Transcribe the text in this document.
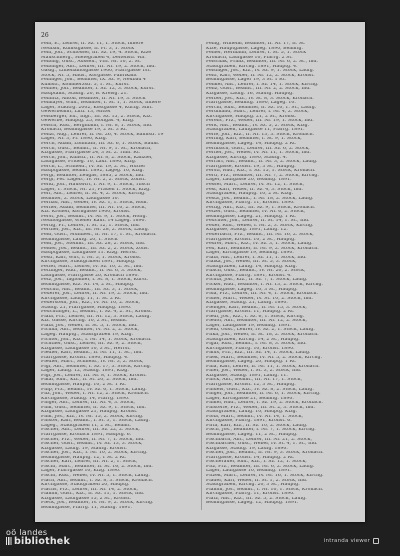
26
Fehl, E., Lehrer, II. Sz. 11, 1. Stock, Innere
Neubau, Kumstgasse, II. Pr. 3, 1. Stock
Fehl, Joh., Schlosser, III. Sz. 19, 4. Stock, Kfze
Mauschnerg., Hiefegraben 4, Deitenstr. Wa.
Felbing, Gust., Ausseh., VIII. Nr. 10, 2. St.
Felbinger, Ant., Lehrer, III. Nr. 19, 2. Stock, Ind.
Gaslg., Linienamtsgasse 1900, Pfarrgasse 1st.
Stock, Nr. 5, Haus., Korgasse. Fabrikant
Fellinger, Joh., Beamter, IX. Sz. 9, Neubau 4
Kumstl., Kommerzstr. 5, 1. St., Kurst.
Fellner, Joh., Beamter, I. Sz. 12, 3. Stock, Kurst.
Hauptamt, Stadtg. 20, B. Kreisg. 21.
Fellnitz, Anton, Beamter, II. Nr. 19, 3. Stock
Felmayer, Wilh., Beamter, I. St. 1, 1. Stock, Innere
Lager, Stadtrg. 2002, Kostgasse 4, Kurzg. Sint.
Gewerbeamt, Liftl. 13, Mittel
Felsberger, Ed., Ingr., III. Sz. 15, 2. Stock, Kfz.
Gewerbe, Hauptg. 25, Hoflgas. 4, Kfzg.
Felsch, Rud., Bergmann, I. Nr. 8, 1. Stock, Ind.
Kronach, Beamtgasse 19, 2 St. 3 Rt.
Fenzl, Aug., Lehrer, II. Nr. 26, 4. Stock, Bahnstr. 19
Lager, Nr. 3, Pr. 1890, Kfzg.
Ferch, Adam, Lohnfahr, III. Sz. 6, 1. Stock, Baum.
Ferch, Gust., Beamt., II. Nr. 9, 1. St., Kronach,
Kfzgasse, Pfarrgasse 24, 3 St. 2. Thm. Rt.
Ferch, Joh., Kunstl., II. Nr. 8, 2. Stock, Kanzlei,
Laufgasse, Frideg. 10, Lauf. 1890, Kfzg.
Ferch, L., Schneid., IV. Sz. 19, 2. St., Hutter
Hauptgasse, Beamt. 1892, Lageg. 10, Kfzg.
Fergl, Beamter, Zeugas, 1885, 2 Stock, Ind.
Fergl, Pet. Lageb., IV. Nr. 2, 2. Stock, Zollst.
Ferkl, Joh., Hauswirt, I. Nr. 9, 1. Stock, Tilsch
Lager, 1. Stock, Nr. 21, Frauen 1. Stock, Kfzg.
Ferl, Ant., Lehrer, II. St. 4, 2. Stock, Kirchg.
Beamter, 2. Stock, Laufgasse 10.
Fernau, Ant., Weber, IV. Sz. 1, 1. Stock, Rom.
Ferner, Adam, Beamter, III. Nr. 10, 2. Stock,
Kfz. Kronen, Korngasse 1900, Kronst.
Ferst, Jos., Beamt., IV. Nr. 9, 1. Stock, Hoflg.
Neuhofgasse, Wiener Kaut. 14 Lageg. 1890.
Fertig, Fr., Lehrer, I. St. 12, 1. Stock, Ind.
Fertner, Jos., Kfz., III. Nr. 28, 2. Stock, Laufg.
Feßl, Gust., Mühlbes., II. Nr. 17, 1. St., Kronach.
Beamtgasse, Laufg. 20, 1. Stock
Feßl, Jos., Steinm., III. Sz. 28, 2. Stock, Ind.
Feßler, Jos., Beamt., III. Sz. 2, 2. Stock, Zolls.
Hauptgasse, Laufgasse 11. Kfzg. Herrst.
Festl, Karl, Wirt, I. Nr. 5, 1. Stock, Kronst.
Kirchgasse, Stadtgraben 1891, Hauptg.
Fetter, Mart., Lehrer, IV. Sz. 10, 2. St., Ind.
Fettinger, Rud., Beamt., II. Nr. 6, 3. Stock,
Laufgasse, Pfarrgasse 20, Kronach 1890.
Fetz, Jos., Taglöhner, I. St. 8, 1. Stock, Kurst.
Beamtgasse, Kfz. Nr. 14, 2 St., Hauptg.
Feuchtl, Ant., Beamt., III. Sz. 3, 1. Stock,
Feuerer, Jos., Lehrer, II. Nr. 19, 2. Stock, Ind.
Kirchgasse, Laufg. 11, 1. St. 2 Rt.
Feuerstein, Joh., Kfz., IV. Nr. 10, 2. Stock,
Stadtg. 21, Pfarrgasse, Hauptg. 1890.
Feuchtinger, L., Beamt., I. Sz. 4, 2. St., Kronst.
Fiala, Frz., Lehrer, III. Nr. 12, 3. Stock, Laufg.
Kfz. Gasse, Kirchg. 10, 2 St., Beamt.
Fiala, Jos., Weber, II. St. 5, 1. Stock, Ind.
Fichna, Ant., Beamter, IV. Nr. 2, 2. Stock,
Lageg. Hauptg., Stadtgraben 19, Kfzg.
Fichtel, Joh., Kfz., I. Nr. 14, 1. Stock, Kronach.
Fichtner, Gust., Lehrer, III. Sz. 9, 2. Stock,
Kfzgasse, Laufgasse 10, 3 St., Herrst.
Fiedler, Karl, Beamt., II. Nr. 11, 1. St., Ind.
Pfarrgasse, Kronst. 1890, Hauptg. 4.
Fiedler, Mart., Schneid., IV. Nr. 3, 2. Stock,
Figl, Ant., Beamter, I. Sz. 17, 3. Stock, Kirchg.
Lager, Laufg. 12, Stadtg. 1891, Kfzg.
Figl, Jos., Lehrer, III. Nr. 8, 1. Stock, Kronst.
Fikar, Rud., Kfz., II. St. 20, 2. Stock, Ind.
Beamtgasse, Hauptg. 10, 2 St. 1 Rt.
Filip, Frz., Beamt., IV. Sz. 6, 1. Stock, Laufg.
Filz, Joh., Weber, I. Nr. 12, 2. Stock, Kronach.
Kirchgasse, Stadtg. 14, Pfarrg. 1890.
Finger, Ant., Lehrer, III. Nr. 4, 3. Stock,
Fink, Gust., Beamter, II. Sz. 9, 1. Stock, Ind.
Kfzgasse, Laufgasse 21, Hauptg. Kronst.
Fink, Jos., Kfz., IV. Nr. 15, 2. Stock, Kirchg.
Finster, Karl, Beamt., I. St. 3, 1. Stock, Laufg.
Lageg., Stadtgraben 11, 2 St., Beamt.
Fischer, Ant., Lehrer, III. Sz. 22, 2. Stock,
Pfarrgasse, Kronach 1891, Hauptg. 6.
Fischer, Frz., Weber, II. Nr. 7, 1. Stock, Ind.
Fischer, Gust., Beamt., IV. Sz. 13, 3. Stock,
Kfzgasse, Laufg. 19, Stadtg. Kronst.
Fischer, Jos., Kfz., I. Nr. 10, 2. Stock, Kirchg.
Beamtgasse, Hauptg. 12, 1 St. 2 Rt.
Fischer, Karl, Lehrer, III. Nr. 2, 1. Stock,
Fischl, Mart., Beamter, II. St. 16, 2. Stock, Ind.
Lager, Pfarrgasse 10, Kfzg. 1890.
Fischl, Rud., Weber, IV. Nr. 5, 1. Stock, Laufg.
Flach, Ant., Beamt., I. Sz. 8, 3. Stock, Kronach.
Kirchgasse, Stadtgraben 20, Hauptg.
Flachs, Frz., Lehrer, III. Nr. 14, 2. Stock,
Flamm, Gust., Kfz., II. Sz. 11, 1. Stock, Ind.
Kfzgasse, Laufgasse 15, 2 St., Kronst.
Fleck, Jos., Beamter, IV. Nr. 9, 2. Stock, Kirchg.
Beamtgasse, Pfarrg. 11, Stadtg. 1891.
Fellig, Wilhelm, Beamter, II. Nr. 17, II. St.
Kfze, Hauptgasse, Lageg. 1890, Beamtg.
Felner, Hermann, Lehrer, I. St. 5, 1. Stock
Kronach, Laufgasse 10, Pfarrg. 2 St.
Felschak, Franz, Beamter, III. Nr. 6, 2. St., Ind.
Stadtgraben, Kirchg. 1891, Hauptg. 4.
Felsinger, Jos., Kfz., IV. Sz. 9, 1. Stock, Laufg.
Feltl, Karl, Weber, II. Nr. 12, 2. Stock, Kronst.
Beamtgasse, Lager 19, 3 St. 1 Rt.
Fenkel, Ant., Lehrer, I. Sz. 14, 1. Stock, Kirchg.
Fenz, Gust., Beamt., III. Nr. 2, 2. Stock, Ind.
Kfzgasse, Laufg. 16, Stadtg. Hauptg.
Ferber, Jos., Kfz., IV. St. 8, 3. Stock, Kronach.
Pfarrgasse, Beamtg. 1890, Lageg. 10.
Ferchl, Rud., Beamter, II. Sz. 10, 1. St., Laufg.
Ferdinand, Mart., Lehrer, I. Nr. 4, 2. Stock,
Kirchgasse, Hauptg. 21, 2 St., Kronst.
Ferenc, Frz., Weber, III. Nr. 19, 1. Stock, Ind.
Ferk, Ant., Beamt., IV. Sz. 5, 2. Stock, Kfzg.
Stadtgraben, Laufgasse 11, Pfarrg. 1891.
Ferle, Joh., Kfz., II. Nr. 13, 3. Stock, Kronach.
Ferling, Karl, Beamter, I. St. 9, 1. Stock,
Beamtgasse, Lageg. 14, Hauptg. 2 Rt.
Fernbach, Gust., Lehrer, III. Sz. 6, 2. Stock,
Ferner, Jos., Weber, IV. Nr. 11, 1. Stock, Ind.
Kfzgasse, Kirchg. 1890, Stadtg. 4.
Ferrari, Ant., Beamt., II. Nr. 3, 2. Stock, Laufg.
Pfarrgasse, Kronst. 19, 3 St., Hauptg.
Ferstl, Rud., Kfz., I. Sz. 15, 1. Stock, Kronach.
Fertl, Frz., Beamter, III. Nr. 7, 2. Stock, Kirchg.
Lager, Laufgasse 20, Beamtg. 1891.
Fessel, Mart., Lehrer, IV. St. 12, 1. Stock,
Fest, Karl, Weber, II. Sz. 4, 3. Stock, Ind.
Stadtgraben, Hauptg. 10, 2 St. Kfzg.
Festa, Jos., Beamt., I. Nr. 18, 2. Stock, Laufg.
Kirchgasse, Pfarrg. 11, Kronst. 1890.
Fettig, Ant., Kfz., III. Sz. 9, 1. Stock, Kronach.
Fetzer, Gust., Beamter, IV. Nr. 6, 2. Stock,
Beamtgasse, Lageg. 21, Hauptg. 1 Rt.
Feuchter, Joh., Lehrer, II. St. 14, 1. St., Ind.
Feuer, Rud., Weber, I. Nr. 2, 3. Stock, Kirchg.
Kfzgasse, Stadtg. 1891, Laufg. 12.
Feuerbach, Frz., Beamt., III. Nr. 16, 2. Stock,
Pfarrgasse, Kronst. 10, 2 St., Hauptg.
Feurer, Mart., Kfz., IV. Sz. 3, 1. Stock, Laufg.
Fex, Karl, Beamter, II. Nr. 9, 2. Stock, Kronach.
Lager, Kirchgasse 19, Beamtg. 1890.
Fiala, Ant., Lehrer, I. Sz. 11, 1. Stock, Ind.
Fialka, Jos., Weber, III. St. 5, 3. Stock,
Stadtgraben, Laufg. 14, Hauptg. Kfzg.
Fibich, Gust., Beamt., IV. Nr. 20, 2. Stock,
Kirchgasse, Pfarrg. 1891, Kronst. 4.
Fichta, Joh., Kfz., II. Sz. 7, 1. Stock, Laufg.
Ficker, Rud., Beamter, I. Nr. 13, 2. Stock, Kirchg.
Beamtgasse, Lageg. 10, 3 St., Hauptg.
Fida, Frz., Lehrer, III. Nr. 4, 1. Stock, Kronach.
Fidler, Mart., Weber, IV. St. 10, 2. Stock, Ind.
Kfzgasse, Stadtg. 21, Laufg. 1890.
Fiebiger, Karl, Beamt., II. Nr. 15, 3. Stock,
Pfarrgasse, Kronst. 11, Hauptg. 2 Rt.
Fiedl, Jos., Kfz., I. Sz. 6, 1. Stock, Kirchg.
Fiedor, Ant., Beamter, III. Nr. 12, 2. Stock,
Lager, Laufgasse 19, Beamtg. 1891.
Field, Gust., Lehrer, IV. Sz. 2, 1. Stock, Laufg.
Fifka, Joh., Weber, II. St. 18, 2. Stock, Kronach.
Stadtgraben, Kirchg. 14, 2 St., Hauptg.
Figar, Rud., Beamt., I. Nr. 8, 3. Stock, Ind.
Kirchgasse, Pfarrg. 10, Kronst. 1890.
Fikus, Frz., Kfz., III. Sz. 14, 1. Stock, Laufg.
Filek, Mart., Beamter, IV. Nr. 5, 2. Stock, Kirchg.
Beamtgasse, Lageg. 20, Hauptg. 1 Rt.
Filla, Karl, Lehrer, II. Nr. 11, 1. Stock, Kronach.
Filler, Jos., Weber, I. St. 3, 2. Stock, Ind.
Kfzgasse, Stadtg. 1891, Laufg. 11.
Finck, Ant., Beamt., III. Nr. 17, 1. Stock,
Pfarrgasse, Kronst. 12, 3 St., Hauptg.
Findeis, Gust., Kfz., IV. Sz. 8, 2. Stock, Laufg.
Finger, Joh., Beamter, II. Nr. 6, 1. Stock, Kirchg.
Lager, Kirchgasse 21, Beamtg. 1890.
Finkel, Rud., Lehrer, I. Sz. 19, 2. Stock, Kronach.
Finsterle, Frz., Weber, III. St. 2, 3. Stock, Ind.
Stadtgraben, Laufg. 10, Hauptg. Kfzg.
Fiola, Mart., Beamt., IV. Nr. 14, 1. Stock,
Kirchgasse, Pfarrg. 1891, Kronst. 6.
Firla, Karl, Kfz., II. Sz. 10, 2. Stock, Laufg.
Fisch, Jos., Beamter, I. Nr. 7, 1. Stock, Kirchg.
Beamtgasse, Lageg. 11, 2 St., Hauptg.
Fischbach, Ant., Lehrer, III. Nr. 21, 2. Stock,
Fischbacher, Gust., Weber, IV. St. 4, 1. St., Ind.
Kfzgasse, Stadtg. 19, Laufg. 1890.
Fischel, Joh., Beamt., II. Nr. 9, 3. Stock, Kronach.
Pfarrgasse, Kronst. 14, Hauptg. 2 Rt.
Fischerauer, Rud., Kfz., I. Sz. 12, 1. Stock,
Fitz, Frz., Beamter, III. Nr. 6, 2. Stock, Laufg.
Lager, Laufgasse 10, Beamtg. 1891.
Fitzek, Mart., Lehrer, IV. Nr. 16, 1. Stock, Kirchg.
Flader, Karl, Weber, II. St. 1, 2. Stock, Ind.
Stadtgraben, Kirchg. 20, 3 St., Hauptg.
Flamm, Jos., Beamt., I. Nr. 10, 1. Stock, Kronach.
Kirchgasse, Pfarrg. 11, Kronst. 1890.
Flatz, Ant., Kfz., III. Sz. 5, 2. Stock, Laufg.
Beamtgasse, Lageg. 12, Hauptg. 1891.
oö landes
bibliothek	intranda viewer
